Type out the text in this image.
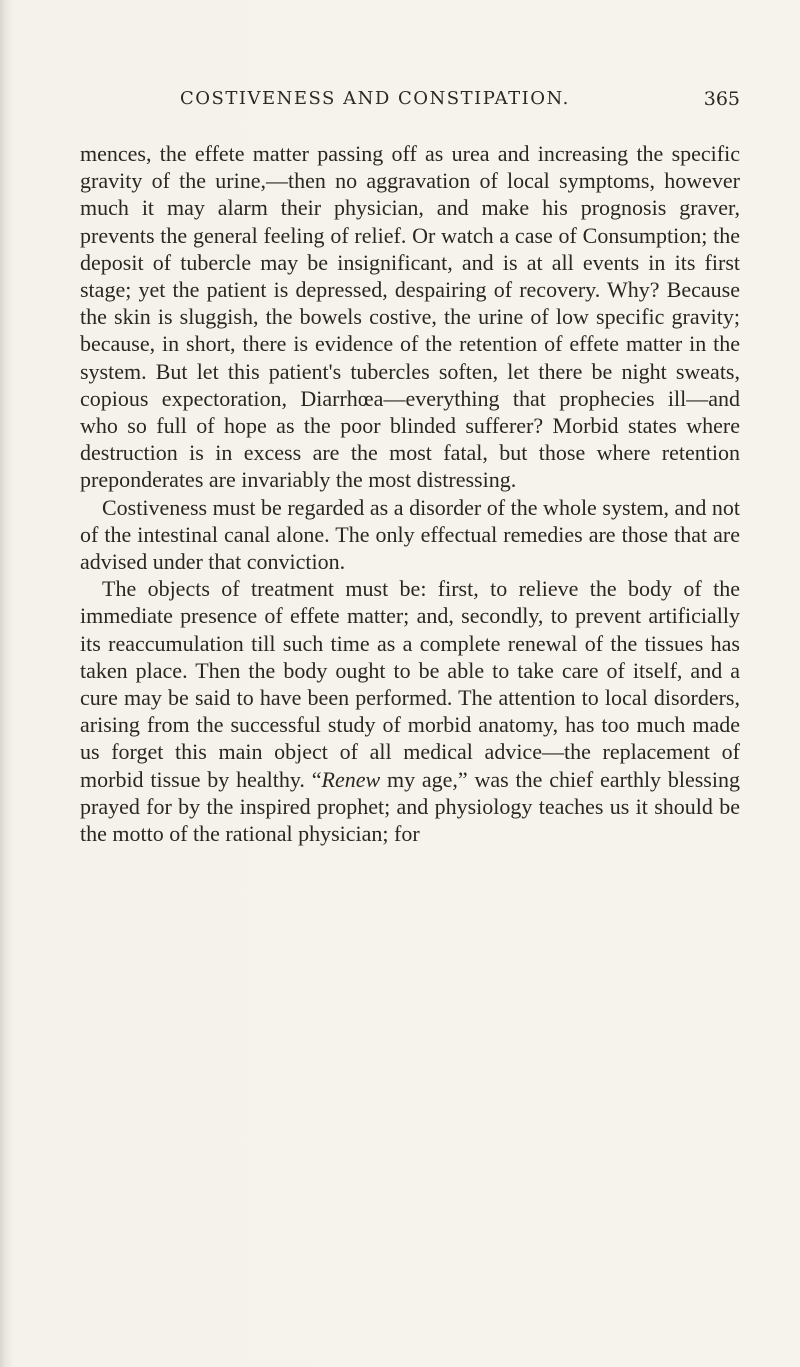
COSTIVENESS AND CONSTIPATION.	365

mences, the effete matter passing off as urea and increasing the specific gravity of the urine,—then no aggravation of local symptoms, however much it may alarm their physician, and make his prognosis graver, prevents the general feeling of relief. Or watch a case of Consumption; the deposit of tubercle may be insignificant, and is at all events in its first stage; yet the patient is depressed, despairing of recovery. Why? Because the skin is sluggish, the bowels costive, the urine of low specific gravity; because, in short, there is evidence of the retention of effete matter in the system. But let this patient's tubercles soften, let there be night sweats, copious expectoration, Diarrhœa—everything that prophecies ill—and who so full of hope as the poor blinded sufferer? Morbid states where destruction is in excess are the most fatal, but those where retention preponderates are invariably the most distressing.

Costiveness must be regarded as a disorder of the whole system, and not of the intestinal canal alone. The only effectual remedies are those that are advised under that conviction.

The objects of treatment must be: first, to relieve the body of the immediate presence of effete matter; and, secondly, to prevent artificially its reaccumulation till such time as a complete renewal of the tissues has taken place. Then the body ought to be able to take care of itself, and a cure may be said to have been performed. The attention to local disorders, arising from the successful study of morbid anatomy, has too much made us forget this main object of all medical advice—the replacement of morbid tissue by healthy. “Renew my age,” was the chief earthly blessing prayed for by the inspired prophet; and physiology teaches us it should be the motto of the rational physician; for
